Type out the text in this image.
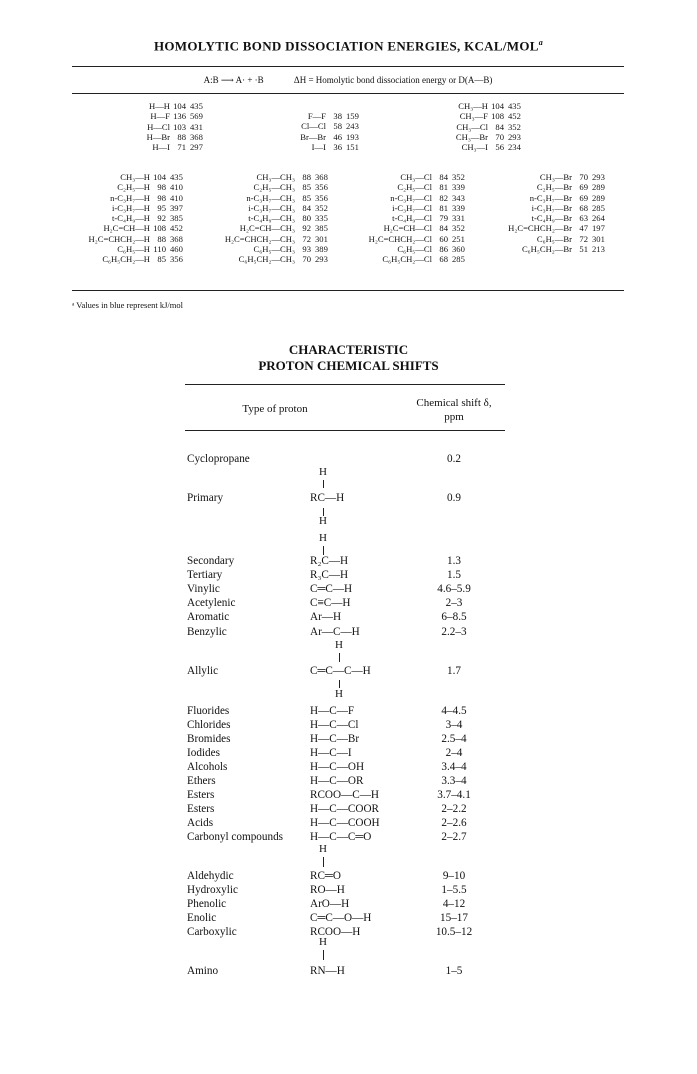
HOMOLYTIC BOND DISSOCIATION ENERGIES, KCAL/MOL$^a$
A:B ⟶ A· + ·B	ΔH = Homolytic bond dissociation energy or D(A—B)
H—H 104 435
H—F 136 569
H—Cl 103 431
H—Br 88 368
H—I 71 297
F—F 38 159
Cl—Cl 58 243
Br—Br 46 193
I—I 36 151
CH₃—H 104 435
CH₃—F 108 452
CH₃—Cl 84 352
CH₃—Br 70 293
CH₃—I 56 234
CH₃—H 104 435
C₂H₅—H 98 410
n-C₃H₇—H 98 410
i-C₃H₇—H 95 397
t-C₄H₉—H 92 385
H₂C=CH—H 108 452
H₂C=CHCH₂—H 88 368
C₆H₅—H 110 460
C₆H₅CH₂—H 85 356
CH₃—CH₃ 88 368
C₂H₅—CH₃ 85 356
n-C₃H₇—CH₃ 85 356
i-C₃H₇—CH₃ 84 352
t-C₄H₉—CH₃ 80 335
H₂C=CH—CH₃ 92 385
H₂C=CHCH₂—CH₃ 72 301
C₆H₅—CH₃ 93 389
C₆H₅CH₂—CH₃ 70 293
CH₃—Cl 84 352
C₂H₅—Cl 81 339
n-C₃H₇—Cl 82 343
i-C₃H₇—Cl 81 339
t-C₄H₉—Cl 79 331
H₂C=CH—Cl 84 352
H₂C=CHCH₂—Cl 60 251
C₆H₅—Cl 86 360
C₆H₅CH₂—Cl 68 285
CH₃—Br 70 293
C₂H₅—Br 69 289
n-C₃H₇—Br 69 289
i-C₃H₇—Br 68 285
t-C₄H₉—Br 63 264
H₂C=CHCH₂—Br 47 197
C₆H₅—Br 72 301
C₆H₅CH₂—Br 51 213
ᵃ Values in blue represent kJ/mol
CHARACTERISTIC
PROTON CHEMICAL SHIFTS
Type of proton	Chemical shift δ,
ppm
Cyclopropane	0.2
Primary	RC—H	0.9
Secondary	R₂C—H	1.3
Tertiary	R₃C—H	1.5
Vinylic	C═C—H	4.6–5.9
Acetylenic	C≡C—H	2–3
Aromatic	Ar—H	6–8.5
Benzylic	Ar—C—H	2.2–3
Allylic	C═C—C—H	1.7
Fluorides	H—C—F	4–4.5
Chlorides	H—C—Cl	3–4
Bromides	H—C—Br	2.5–4
Iodides	H—C—I	2–4
Alcohols	H—C—OH	3.4–4
Ethers	H—C—OR	3.3–4
Esters	RCOO—C—H	3.7–4.1
Esters	H—C—COOR	2–2.2
Acids	H—C—COOH	2–2.6
Carbonyl compounds H—C—C═O	2–2.7
Aldehydic	RC═O	9–10
Hydroxylic	RO—H	1–5.5
Phenolic	ArO—H	4–12
Enolic	C═C—O—H	15–17
Carboxylic	RCOO—H	10.5–12
Amino	RN—H	1–5
H
H
H
H
H
H
H
